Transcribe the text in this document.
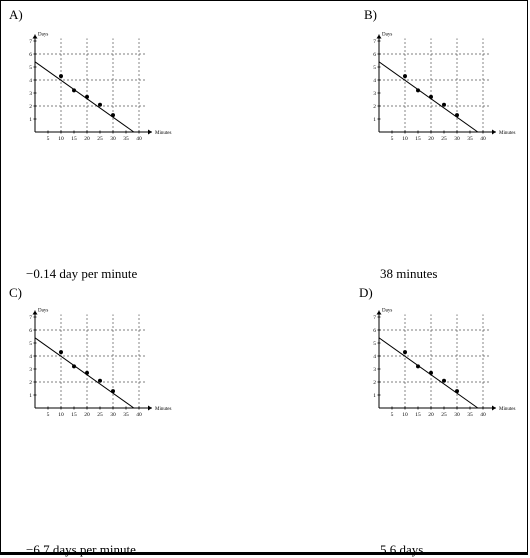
A)
5 10 15 20 25 30 35 40
1
2
3
4
5
6
7
Minutes
Days
−0.14 day per minute
B)
5 10 15 20 25 30 35 40
1
2
3
4
5
6
7
Minutes
Days
38 minutes
C)
5 10 15 20 25 30 35 40
1
2
3
4
5
6
7
Minutes
Days
−6.7 days per minute
D)
5 10 15 20 25 30 35 40
1
2
3
4
5
6
7
Minutes
Days
5.6 days
